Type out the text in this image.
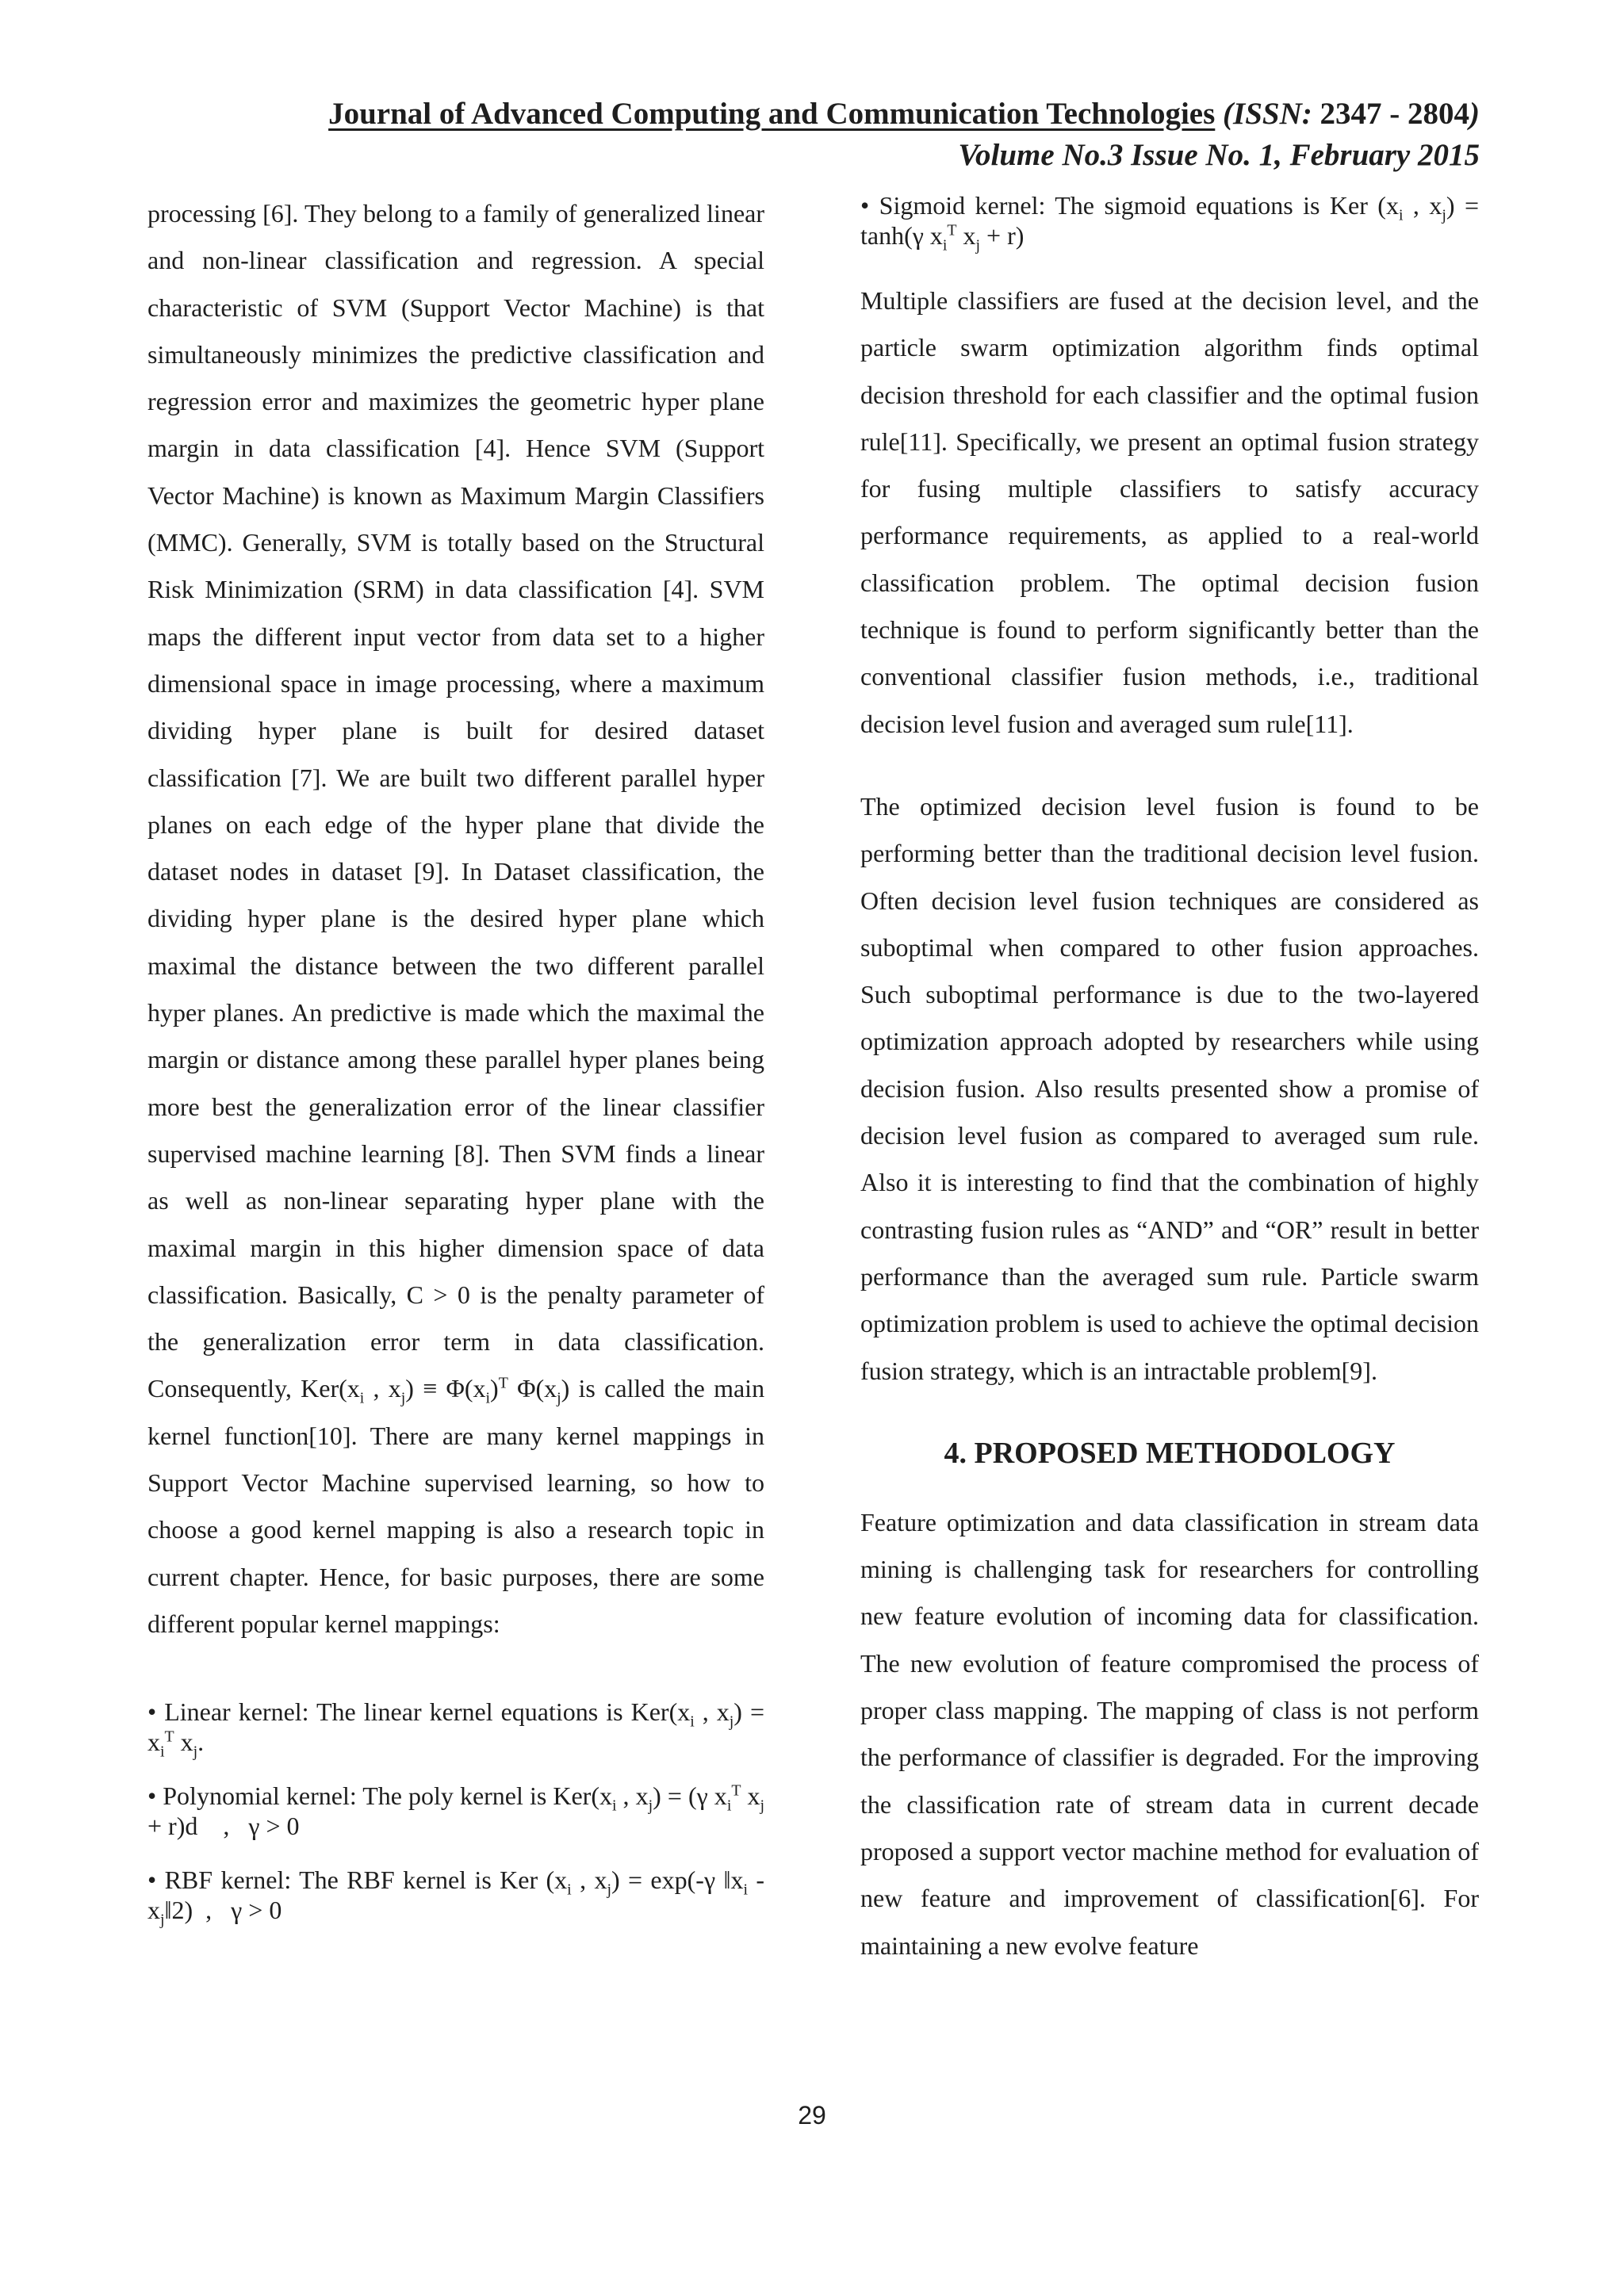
Journal of Advanced Computing and Communication Technologies (ISSN: 2347 - 2804)
Volume No.3 Issue No. 1, February 2015

processing [6]. They belong to a family of generalized linear and non-linear classification and regression. A special characteristic of SVM (Support Vector Machine) is that simultaneously minimizes the predictive classification and regression error and maximizes the geometric hyper plane margin in data classification [4]. Hence SVM (Support Vector Machine) is known as Maximum Margin Classifiers (MMC). Generally, SVM is totally based on the Structural Risk Minimization (SRM) in data classification [4]. SVM maps the different input vector from data set to a higher dimensional space in image processing, where a maximum dividing hyper plane is built for desired dataset classification [7]. We are built two different parallel hyper planes on each edge of the hyper plane that divide the dataset nodes in dataset [9]. In Dataset classification, the dividing hyper plane is the desired hyper plane which maximal the distance between the two different parallel hyper planes. An predictive is made which the maximal the margin or distance among these parallel hyper planes being more best the generalization error of the linear classifier supervised machine learning [8]. Then SVM finds a linear as well as non-linear separating hyper plane with the maximal margin in this higher dimension space of data classification. Basically, C > 0 is the penalty parameter of the generalization error term in data classification. Consequently, $Ker(x_i$ , $x_j) \equiv \Phi(x_i)^T$ $\Phi(x_j)$ is called the main kernel function[10]. There are many kernel mappings in Support Vector Machine supervised learning, so how to choose a good kernel mapping is also a research topic in current chapter. Hence, for basic purposes, there are some different popular kernel mappings:

• Linear kernel: The linear kernel equations is $Ker(x_i$ , $x_j) = x_i^T$ $x_j$.

• Polynomial kernel: The poly kernel is $Ker(x_i$ , $x_j) = (\gamma$ $x_i^T$ $x_j + r)d$    ,   γ > 0

• RBF kernel: The RBF kernel is Ker ($x_i$ , $x_j) = \exp(-\gamma$ $‖x_i$ - $x_j‖2$)  ,   γ > 0

• Sigmoid kernel: The sigmoid equations is Ker ($x_i$ , $x_j) = \tanh(\gamma$ $x_i^T$ $x_j + r$)

Multiple classifiers are fused at the decision level, and the particle swarm optimization algorithm finds optimal decision threshold for each classifier and the optimal fusion rule[11]. Specifically, we present an optimal fusion strategy for fusing multiple classifiers to satisfy accuracy performance requirements, as applied to a real-world classification problem. The optimal decision fusion technique is found to perform significantly better than the conventional classifier fusion methods, i.e., traditional decision level fusion and averaged sum rule[11].

The optimized decision level fusion is found to be performing better than the traditional decision level fusion. Often decision level fusion techniques are considered as suboptimal when compared to other fusion approaches. Such suboptimal performance is due to the two-layered optimization approach adopted by researchers while using decision fusion. Also results presented show a promise of decision level fusion as compared to averaged sum rule. Also it is interesting to find that the combination of highly contrasting fusion rules as “AND” and “OR” result in better performance than the averaged sum rule. Particle swarm optimization problem is used to achieve the optimal decision fusion strategy, which is an intractable problem[9].

4. PROPOSED METHODOLOGY

Feature optimization and data classification in stream data mining is challenging task for researchers for controlling new feature evolution of incoming data for classification. The new evolution of feature compromised the process of proper class mapping. The mapping of class is not perform the performance of classifier is degraded. For the improving the classification rate of stream data in current decade proposed a support vector machine method for evaluation of new feature and improvement of classification[6]. For maintaining a new evolve feature

29
